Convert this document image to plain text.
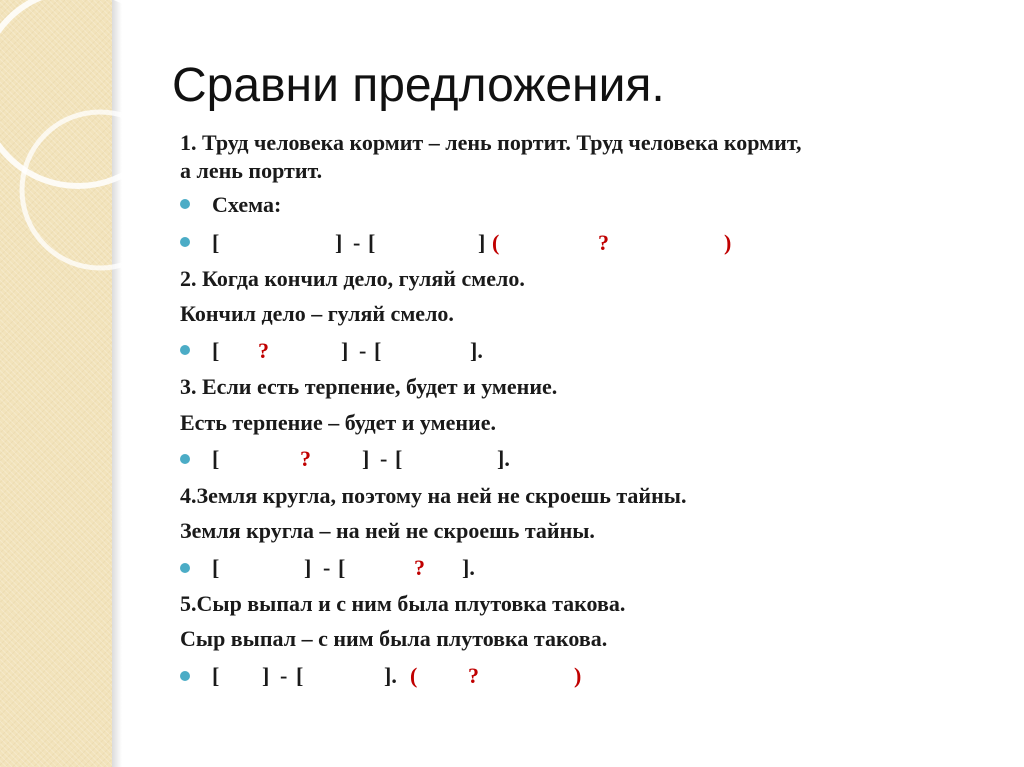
Сравни предложения.
1. Труд человека кормит – лень портит. Труд человека кормит,
а лень портит.
Схема:
[	] - [	] (	?	)
2. Когда кончил дело, гуляй смело.
Кончил дело – гуляй смело.
[ ?	] - [	].
3. Если есть терпение, будет и умение.
Есть терпение – будет и умение.
[	? ] - [	].
4.Земля кругла, поэтому на ней не скроешь тайны.
Земля кругла – на ней не скроешь тайны.
[	] - [	? ].
5.Сыр выпал и с ним была плутовка такова.
Сыр выпал – с ним была плутовка такова.
[ ] - [	]. ( ?	)
